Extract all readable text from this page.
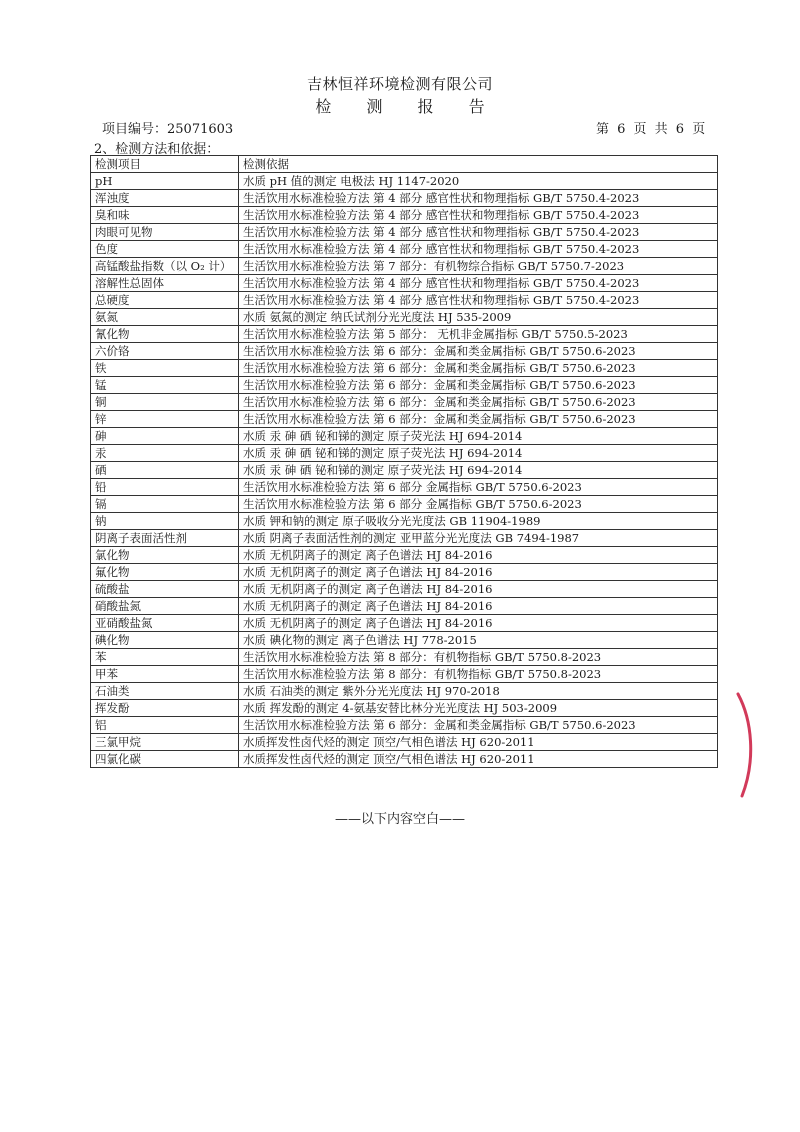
吉林恒祥环境检测有限公司
检 测 报 告
项目编号：25071603	第 6 页 共 6 页
2、检测方法和依据：
检测项目	检测依据
pH	水质 pH 值的测定 电极法 HJ 1147-2020
浑浊度	生活饮用水标准检验方法 第 4 部分 感官性状和物理指标 GB/T 5750.4-2023
臭和味	生活饮用水标准检验方法 第 4 部分 感官性状和物理指标 GB/T 5750.4-2023
肉眼可见物	生活饮用水标准检验方法 第 4 部分 感官性状和物理指标 GB/T 5750.4-2023
色度	生活饮用水标准检验方法 第 4 部分 感官性状和物理指标 GB/T 5750.4-2023
高锰酸盐指数（以 O₂ 计）	生活饮用水标准检验方法 第 7 部分：有机物综合指标 GB/T 5750.7-2023
溶解性总固体	生活饮用水标准检验方法 第 4 部分 感官性状和物理指标 GB/T 5750.4-2023
总硬度	生活饮用水标准检验方法 第 4 部分 感官性状和物理指标 GB/T 5750.4-2023
氨氮	水质 氨氮的测定 纳氏试剂分光光度法 HJ 535-2009
氰化物	生活饮用水标准检验方法 第 5 部分： 无机非金属指标 GB/T 5750.5-2023
六价铬	生活饮用水标准检验方法 第 6 部分：金属和类金属指标 GB/T 5750.6-2023
铁	生活饮用水标准检验方法 第 6 部分：金属和类金属指标 GB/T 5750.6-2023
锰	生活饮用水标准检验方法 第 6 部分：金属和类金属指标 GB/T 5750.6-2023
铜	生活饮用水标准检验方法 第 6 部分：金属和类金属指标 GB/T 5750.6-2023
锌	生活饮用水标准检验方法 第 6 部分：金属和类金属指标 GB/T 5750.6-2023
砷	水质 汞 砷 硒 铋和锑的测定 原子荧光法 HJ 694-2014
汞	水质 汞 砷 硒 铋和锑的测定 原子荧光法 HJ 694-2014
硒	水质 汞 砷 硒 铋和锑的测定 原子荧光法 HJ 694-2014
铅	生活饮用水标准检验方法 第 6 部分 金属指标 GB/T 5750.6-2023
镉	生活饮用水标准检验方法 第 6 部分 金属指标 GB/T 5750.6-2023
钠	水质 钾和钠的测定 原子吸收分光光度法 GB 11904-1989
阴离子表面活性剂	水质 阴离子表面活性剂的测定 亚甲蓝分光光度法 GB 7494-1987
氯化物	水质 无机阴离子的测定 离子色谱法 HJ 84-2016
氟化物	水质 无机阴离子的测定 离子色谱法 HJ 84-2016
硫酸盐	水质 无机阴离子的测定 离子色谱法 HJ 84-2016
硝酸盐氮	水质 无机阴离子的测定 离子色谱法 HJ 84-2016
亚硝酸盐氮	水质 无机阴离子的测定 离子色谱法 HJ 84-2016
碘化物	水质 碘化物的测定 离子色谱法 HJ 778-2015
苯	生活饮用水标准检验方法 第 8 部分：有机物指标 GB/T 5750.8-2023
甲苯	生活饮用水标准检验方法 第 8 部分：有机物指标 GB/T 5750.8-2023
石油类	水质 石油类的测定 紫外分光光度法 HJ 970-2018
挥发酚	水质 挥发酚的测定 4-氨基安替比林分光光度法 HJ 503-2009
铝	生活饮用水标准检验方法 第 6 部分：金属和类金属指标 GB/T 5750.6-2023
三氯甲烷	水质挥发性卤代烃的测定 顶空/气相色谱法 HJ 620-2011
四氯化碳	水质挥发性卤代烃的测定 顶空/气相色谱法 HJ 620-2011
——以下内容空白——
